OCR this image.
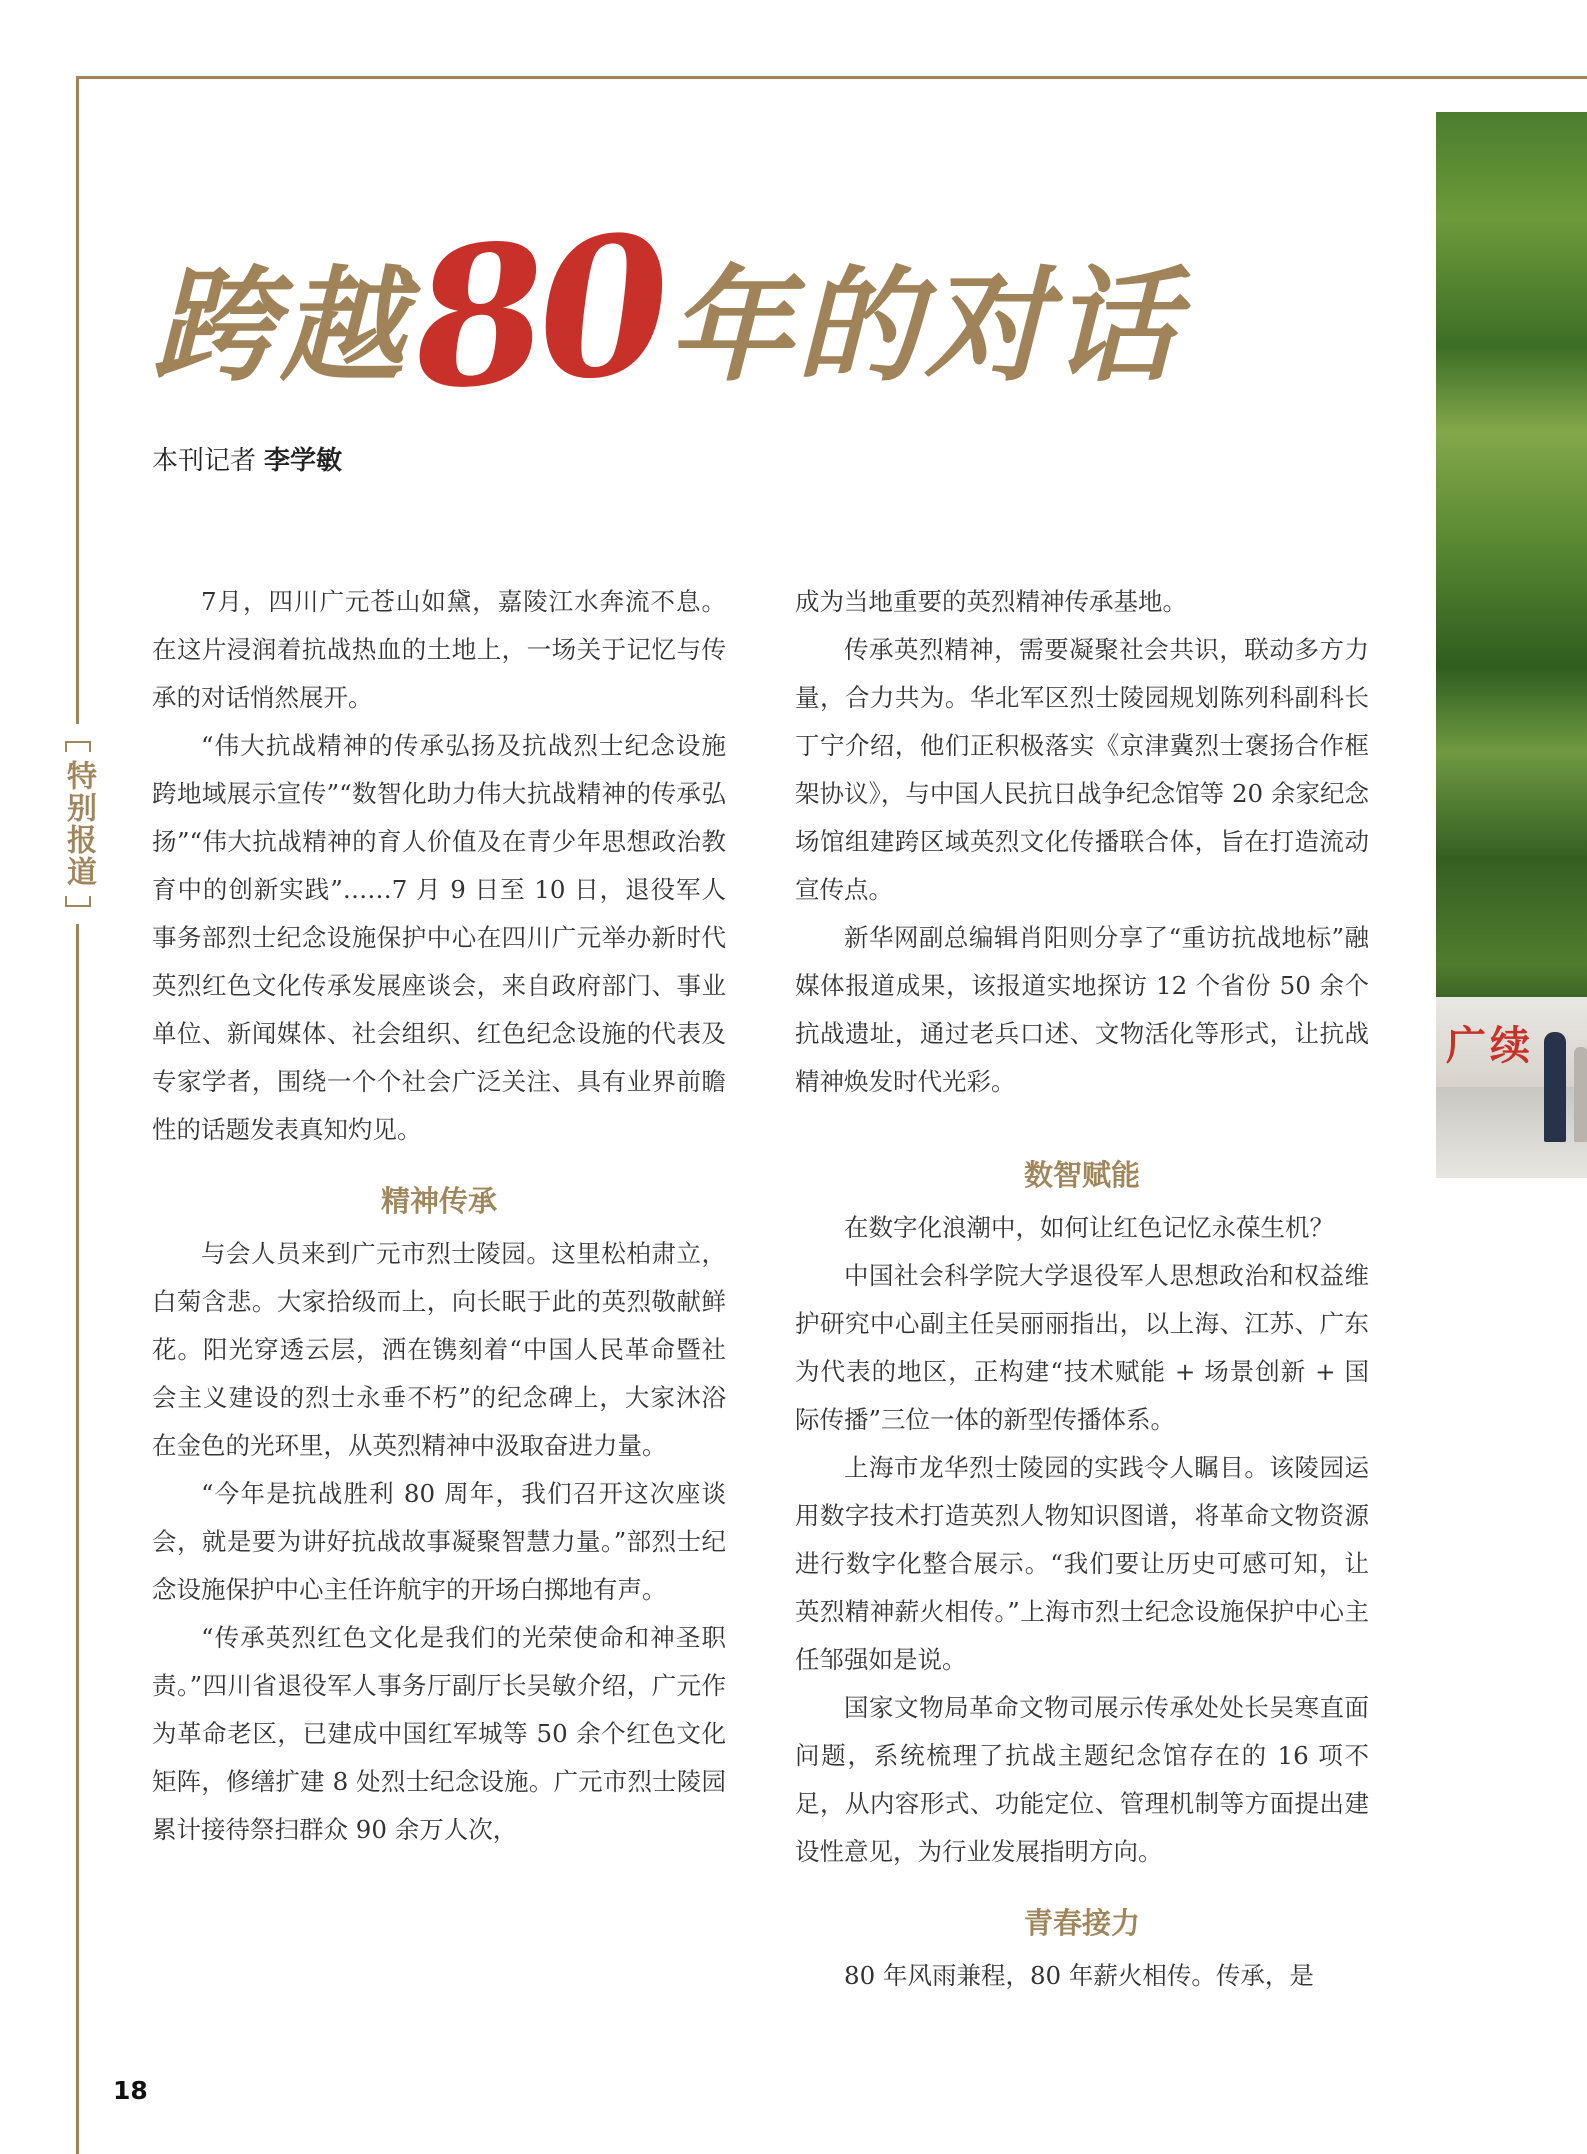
特别报道
跨越
80
年的对话
本刊记者 李学敏

7月，四川广元苍山如黛，嘉陵江水奔流不息。在这片浸润着抗战热血的土地上，一场关于记忆与传承的对话悄然展开。

“伟大抗战精神的传承弘扬及抗战烈士纪念设施跨地域展示宣传”“数智化助力伟大抗战精神的传承弘扬”“伟大抗战精神的育人价值及在青少年思想政治教育中的创新实践”……7 月 9 日至 10 日，退役军人事务部烈士纪念设施保护中心在四川广元举办新时代英烈红色文化传承发展座谈会，来自政府部门、事业单位、新闻媒体、社会组织、红色纪念设施的代表及专家学者，围绕一个个社会广泛关注、具有业界前瞻性的话题发表真知灼见。

精神传承

与会人员来到广元市烈士陵园。这里松柏肃立，白菊含悲。大家拾级而上，向长眠于此的英烈敬献鲜花。阳光穿透云层，洒在镌刻着“中国人民革命暨社会主义建设的烈士永垂不朽”的纪念碑上，大家沐浴在金色的光环里，从英烈精神中汲取奋进力量。

“今年是抗战胜利 80 周年，我们召开这次座谈会，就是要为讲好抗战故事凝聚智慧力量。”部烈士纪念设施保护中心主任许航宇的开场白掷地有声。

“传承英烈红色文化是我们的光荣使命和神圣职责。”四川省退役军人事务厅副厅长吴敏介绍，广元作为革命老区，已建成中国红军城等 50 余个红色文化矩阵，修缮扩建 8 处烈士纪念设施。广元市烈士陵园累计接待祭扫群众 90 余万人次，

成为当地重要的英烈精神传承基地。

传承英烈精神，需要凝聚社会共识，联动多方力量，合力共为。华北军区烈士陵园规划陈列科副科长丁宁介绍，他们正积极落实《京津冀烈士褒扬合作框架协议》，与中国人民抗日战争纪念馆等 20 余家纪念场馆组建跨区域英烈文化传播联合体，旨在打造流动宣传点。

新华网副总编辑肖阳则分享了“重访抗战地标”融媒体报道成果，该报道实地探访 12 个省份 50 余个抗战遗址，通过老兵口述、文物活化等形式，让抗战精神焕发时代光彩。

数智赋能

在数字化浪潮中，如何让红色记忆永葆生机？

中国社会科学院大学退役军人思想政治和权益维护研究中心副主任吴丽丽指出，以上海、江苏、广东为代表的地区，正构建“技术赋能 + 场景创新 + 国际传播”三位一体的新型传播体系。

上海市龙华烈士陵园的实践令人瞩目。该陵园运用数字技术打造英烈人物知识图谱，将革命文物资源进行数字化整合展示。“我们要让历史可感可知，让英烈精神薪火相传。”上海市烈士纪念设施保护中心主任邹强如是说。

国家文物局革命文物司展示传承处处长吴寒直面问题，系统梳理了抗战主题纪念馆存在的 16 项不足，从内容形式、功能定位、管理机制等方面提出建设性意见，为行业发展指明方向。

青春接力

80 年风雨兼程，80 年薪火相传。传承，是

广续
18
